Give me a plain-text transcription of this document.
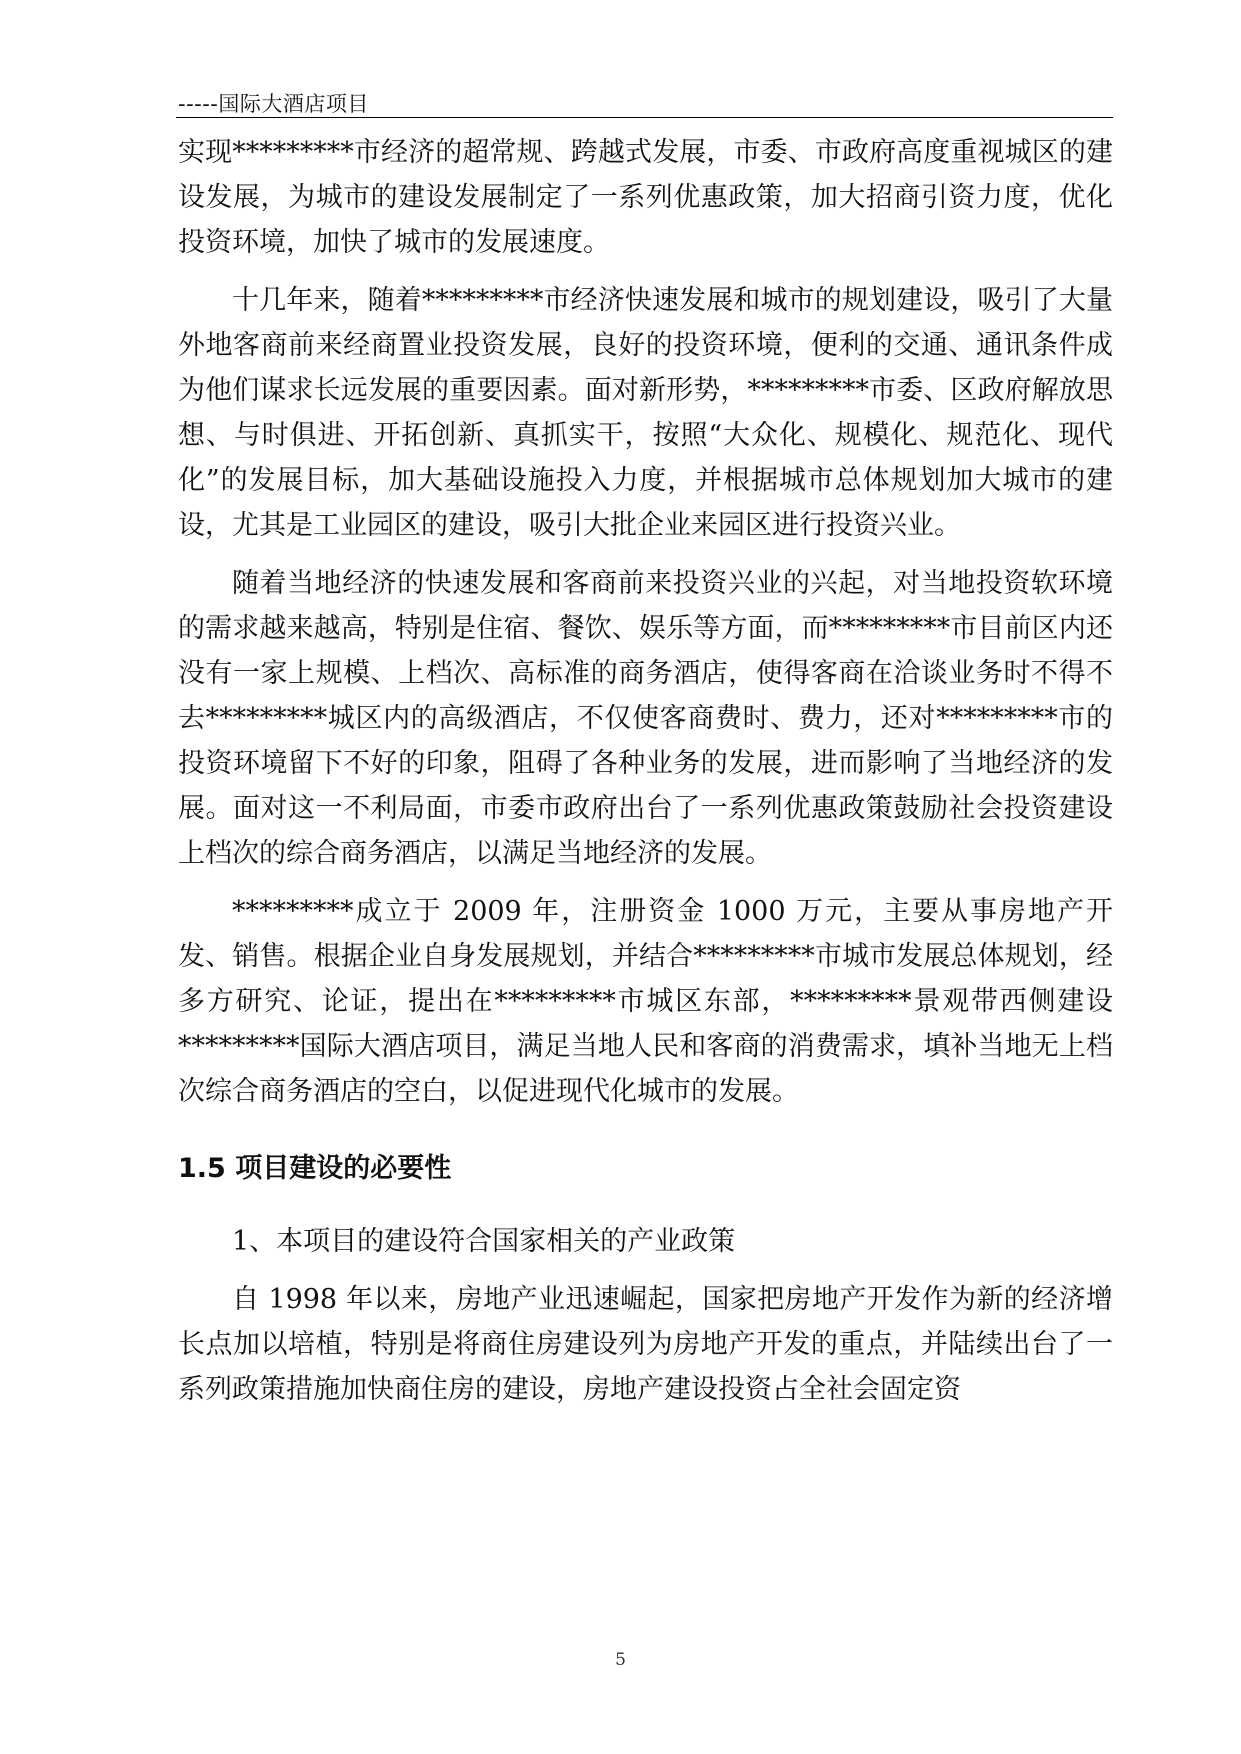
-----国际大酒店项目

实现*********市经济的超常规、跨越式发展，市委、市政府高度重视城区的建设发展，为城市的建设发展制定了一系列优惠政策，加大招商引资力度，优化投资环境，加快了城市的发展速度。

十几年来，随着*********市经济快速发展和城市的规划建设，吸引了大量外地客商前来经商置业投资发展，良好的投资环境，便利的交通、通讯条件成为他们谋求长远发展的重要因素。面对新形势，*********市委、区政府解放思想、与时俱进、开拓创新、真抓实干，按照“大众化、规模化、规范化、现代化”的发展目标，加大基础设施投入力度，并根据城市总体规划加大城市的建设，尤其是工业园区的建设，吸引大批企业来园区进行投资兴业。

随着当地经济的快速发展和客商前来投资兴业的兴起，对当地投资软环境的需求越来越高，特别是住宿、餐饮、娱乐等方面，而*********市目前区内还没有一家上规模、上档次、高标准的商务酒店，使得客商在洽谈业务时不得不去*********城区内的高级酒店，不仅使客商费时、费力，还对*********市的投资环境留下不好的印象，阻碍了各种业务的发展，进而影响了当地经济的发展。面对这一不利局面，市委市政府出台了一系列优惠政策鼓励社会投资建设上档次的综合商务酒店，以满足当地经济的发展。

*********成立于 2009 年，注册资金 1000 万元，主要从事房地产开发、销售。根据企业自身发展规划，并结合*********市城市发展总体规划，经多方研究、论证，提出在*********市城区东部，*********景观带西侧建设*********国际大酒店项目，满足当地人民和客商的消费需求，填补当地无上档次综合商务酒店的空白，以促进现代化城市的发展。

1.5 项目建设的必要性

1、本项目的建设符合国家相关的产业政策

自 1998 年以来，房地产业迅速崛起，国家把房地产开发作为新的经济增长点加以培植，特别是将商住房建设列为房地产开发的重点，并陆续出台了一系列政策措施加快商住房的建设，房地产建设投资占全社会固定资

5
